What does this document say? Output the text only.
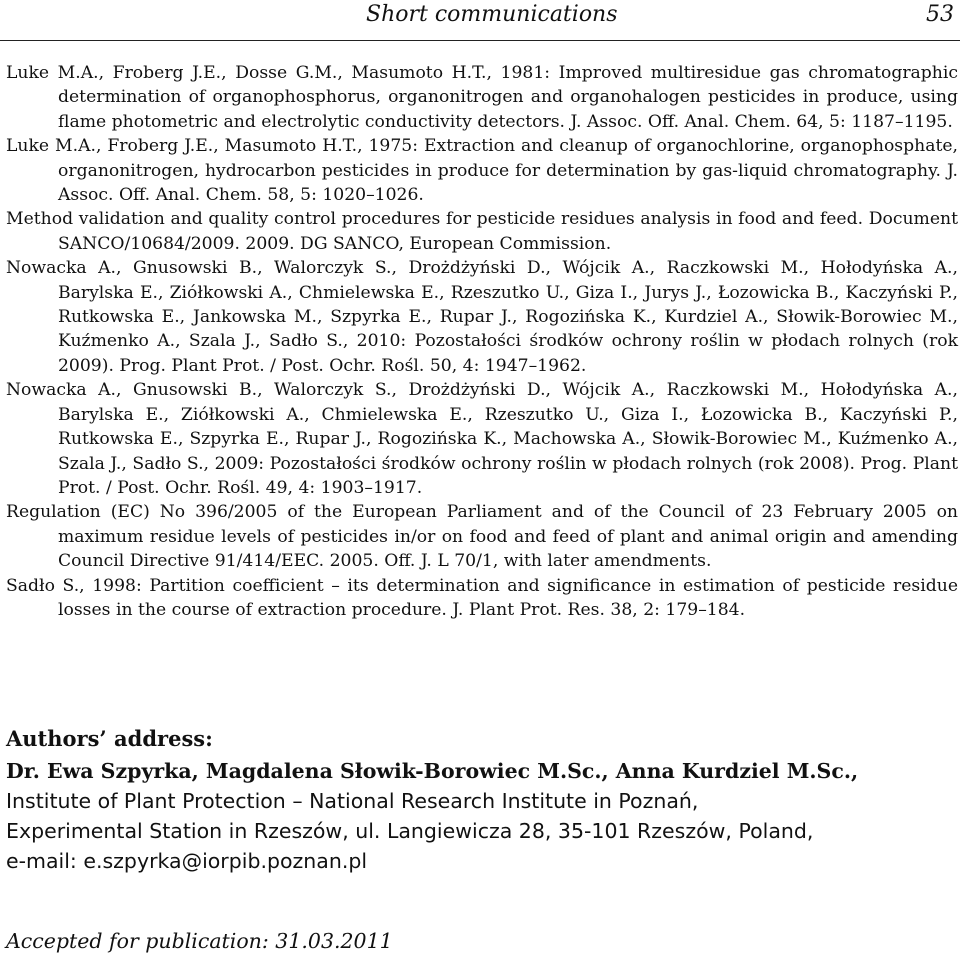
Short communications	53

Luke M.A., Froberg J.E., Dosse G.M., Masumoto H.T., 1981: Improved multiresidue gas chromatographic determination of organophosphorus, organonitrogen and organohalogen pesticides in produce, using flame photometric and electrolytic conductivity detectors. J. Assoc. Off. Anal. Chem. 64, 5: 1187–1195.

Luke M.A., Froberg J.E., Masumoto H.T., 1975: Extraction and cleanup of organochlorine, organophosphate, organonitrogen, hydrocarbon pesticides in produce for determination by gas-liquid chromatography. J. Assoc. Off. Anal. Chem. 58, 5: 1020–1026.

Method validation and quality control procedures for pesticide residues analysis in food and feed. Document SANCO/10684/2009. 2009. DG SANCO, European Commission.

Nowacka A., Gnusowski B., Walorczyk S., Drożdżyński D., Wójcik A., Raczkowski M., Hołodyńska A., Barylska E., Ziółkowski A., Chmielewska E., Rzeszutko U., Giza I., Jurys J., Łozowicka B., Kaczyński P., Rutkowska E., Jankowska M., Szpyrka E., Rupar J., Rogozińska K., Kurdziel A., Słowik-Borowiec M., Kuźmenko A., Szala J., Sadło S., 2010: Pozostałości środków ochrony roślin w płodach rolnych (rok 2009). Prog. Plant Prot. / Post. Ochr. Rośl. 50, 4: 1947–1962.

Nowacka A., Gnusowski B., Walorczyk S., Drożdżyński D., Wójcik A., Raczkowski M., Hołodyńska A., Barylska E., Ziółkowski A., Chmielewska E., Rzeszutko U., Giza I., Łozowicka B., Kaczyński P., Rutkowska E., Szpyrka E., Rupar J., Rogozińska K., Machowska A., Słowik-Borowiec M., Kuźmenko A., Szala J., Sadło S., 2009: Pozostałości środków ochrony roślin w płodach rolnych (rok 2008). Prog. Plant Prot. / Post. Ochr. Rośl. 49, 4: 1903–1917.

Regulation (EC) No 396/2005 of the European Parliament and of the Council of 23 February 2005 on maximum residue levels of pesticides in/or on food and feed of plant and animal origin and amending Council Directive 91/414/EEC. 2005. Off. J. L 70/1, with later amendments.

Sadło S., 1998: Partition coefficient – its determination and significance in estimation of pesticide residue losses in the course of extraction procedure. J. Plant Prot. Res. 38, 2: 179–184.

Authors’ address:

Dr. Ewa Szpyrka, Magdalena Słowik-Borowiec M.Sc., Anna Kurdziel M.Sc.,

Institute of Plant Protection – National Research Institute in Poznań,

Experimental Station in Rzeszów, ul. Langiewicza 28, 35-101 Rzeszów, Poland,

e-mail: e.szpyrka@iorpib.poznan.pl

Accepted for publication: 31.03.2011
